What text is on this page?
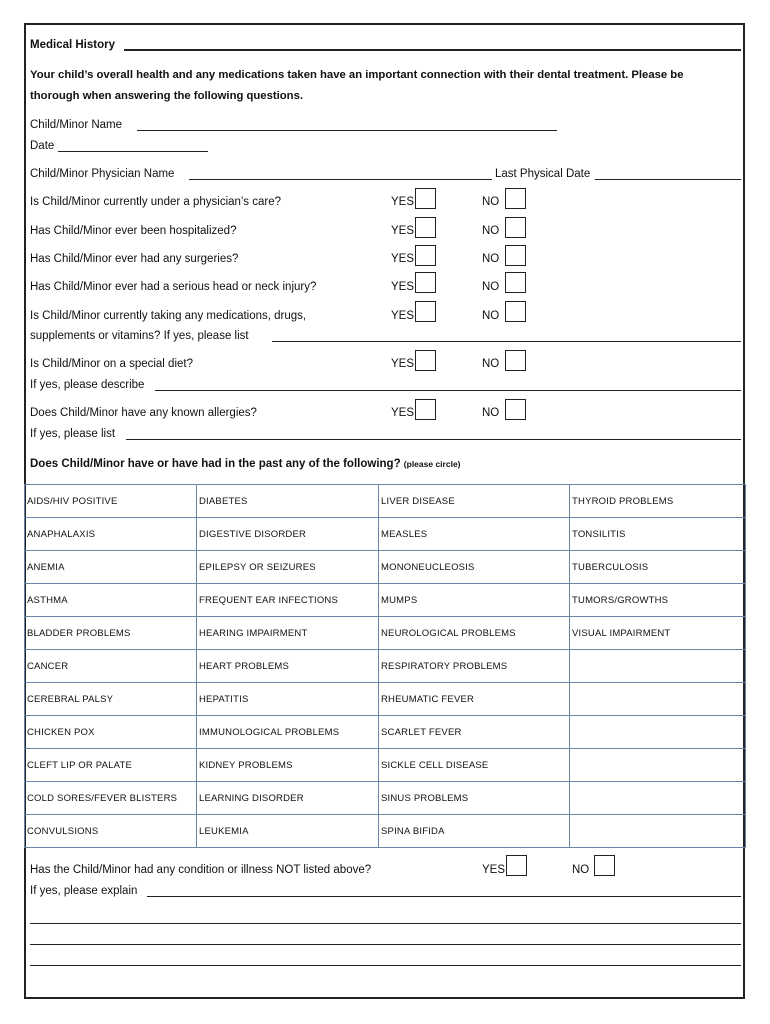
Medical History
Your child’s overall health and any medications taken have an important connection with their dental treatment. Please be
thorough when answering the following questions.
Child/Minor Name
Date
Child/Minor Physician Name	Last Physical Date
Is Child/Minor currently under a physician’s care?	YES	NO
Has Child/Minor ever been hospitalized?	YES	NO
Has Child/Minor ever had any surgeries?	YES	NO
Has Child/Minor ever had a serious head or neck injury?	YES	NO
Is Child/Minor currently taking any medications, drugs,	YES	NO
supplements or vitamins? If yes, please list
Is Child/Minor on a special diet?	YES	NO
If yes, please describe
Does Child/Minor have any known allergies?	YES	NO
If yes, please list
Does Child/Minor have or have had in the past any of the following? (please circle)
AIDS/HIV POSITIVE	DIABETES	LIVER DISEASE	THYROID PROBLEMS
ANAPHALAXIS	DIGESTIVE DISORDER	MEASLES	TONSILITIS
ANEMIA	EPILEPSY OR SEIZURES	MONONEUCLEOSIS	TUBERCULOSIS
ASTHMA	FREQUENT EAR INFECTIONS	MUMPS	TUMORS/GROWTHS
BLADDER PROBLEMS	HEARING IMPAIRMENT	NEUROLOGICAL PROBLEMS	VISUAL IMPAIRMENT
CANCER	HEART PROBLEMS	RESPIRATORY PROBLEMS	
CEREBRAL PALSY	HEPATITIS	RHEUMATIC FEVER	
CHICKEN POX	IMMUNOLOGICAL PROBLEMS	SCARLET FEVER	
CLEFT LIP OR PALATE	KIDNEY PROBLEMS	SICKLE CELL DISEASE	
COLD SORES/FEVER BLISTERS	LEARNING DISORDER	SINUS PROBLEMS	
CONVULSIONS	LEUKEMIA	SPINA BIFIDA	
Has the Child/Minor had any condition or illness NOT listed above?	YES	NO
If yes, please explain
